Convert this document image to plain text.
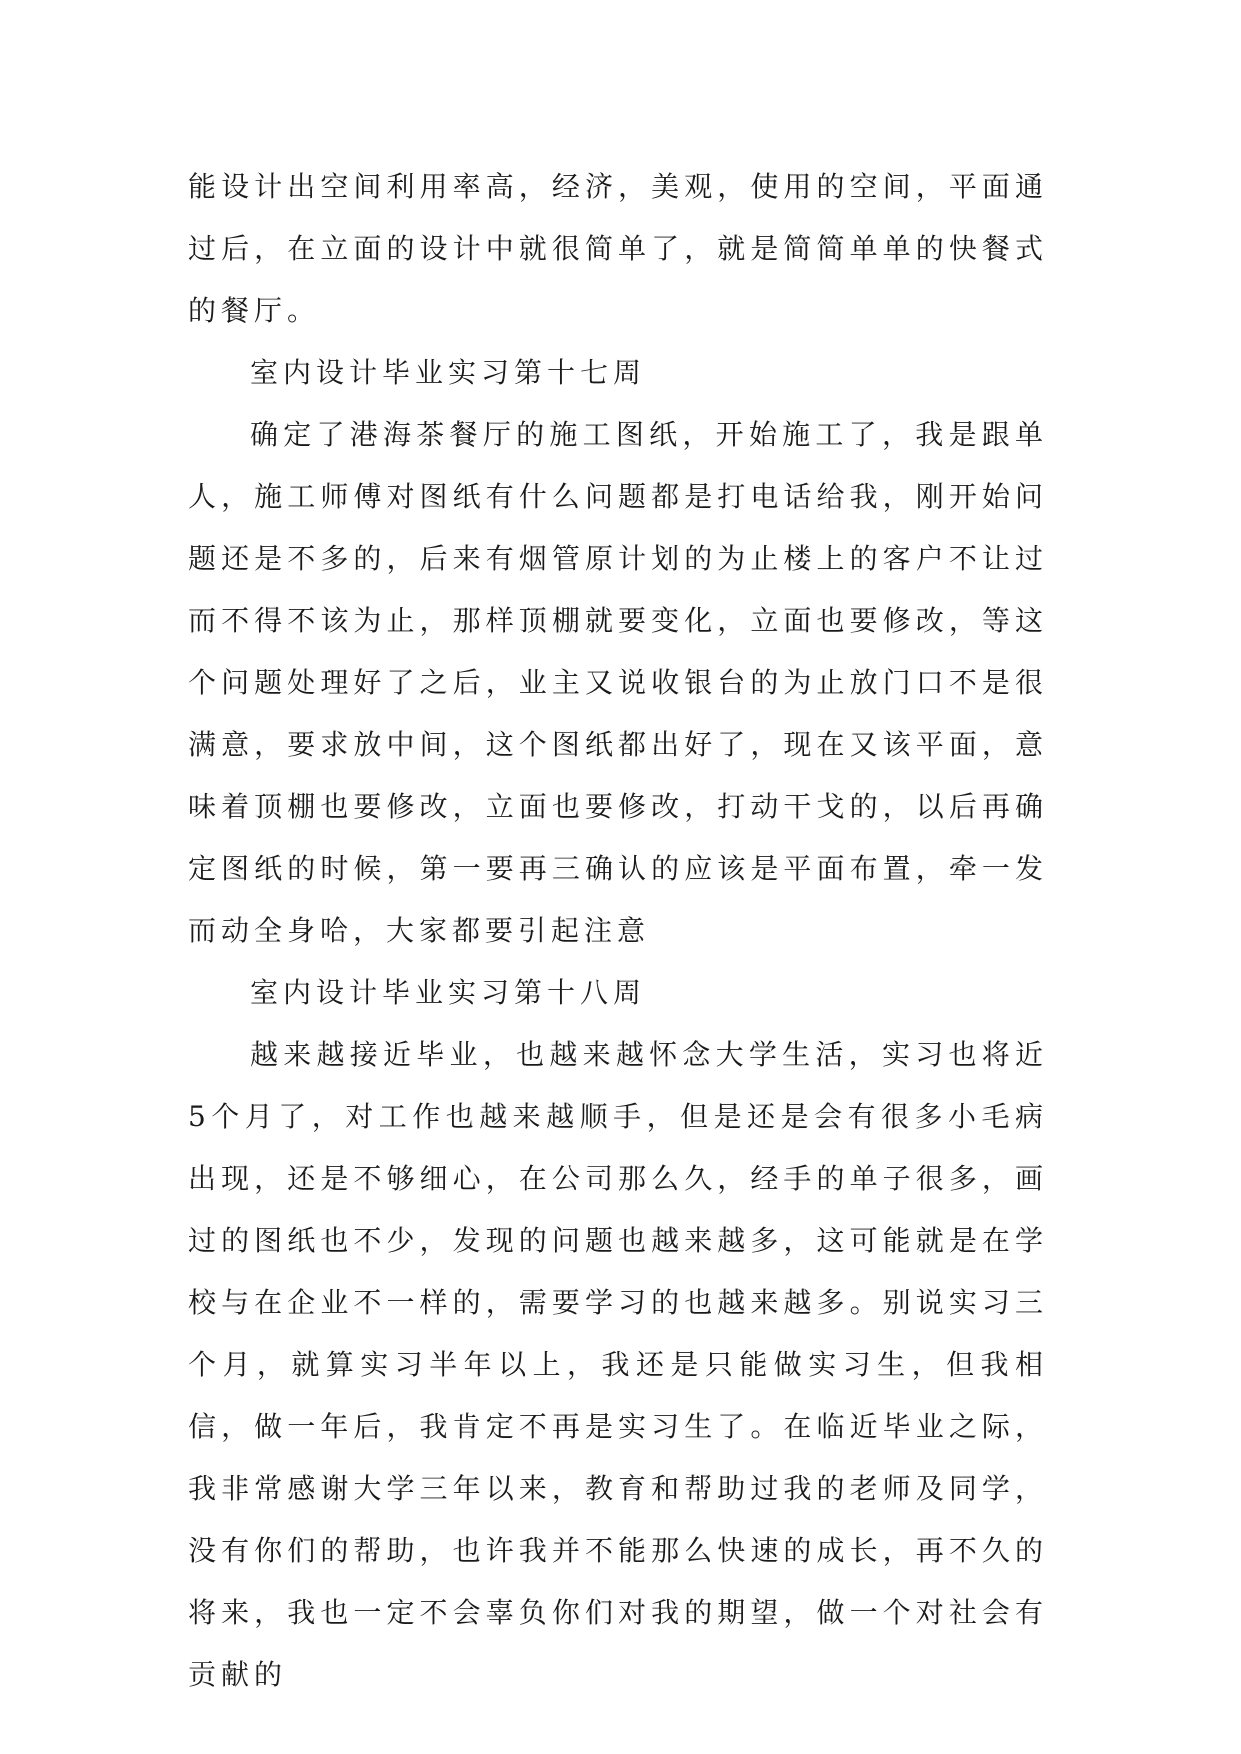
能设计出空间利用率高，经济，美观，使用的空间，平面通过后，在立面的设计中就很简单了，就是简简单单的快餐式的餐厅。

室内设计毕业实习第十七周

确定了港海茶餐厅的施工图纸，开始施工了，我是跟单人，施工师傅对图纸有什么问题都是打电话给我，刚开始问题还是不多的，后来有烟管原计划的为止楼上的客户不让过而不得不该为止，那样顶棚就要变化，立面也要修改，等这个问题处理好了之后，业主又说收银台的为止放门口不是很满意，要求放中间，这个图纸都出好了，现在又该平面，意味着顶棚也要修改，立面也要修改，打动干戈的，以后再确定图纸的时候，第一要再三确认的应该是平面布置，牵一发而动全身哈，大家都要引起注意

室内设计毕业实习第十八周

越来越接近毕业，也越来越怀念大学生活，实习也将近5个月了，对工作也越来越顺手，但是还是会有很多小毛病出现，还是不够细心，在公司那么久，经手的单子很多，画过的图纸也不少，发现的问题也越来越多，这可能就是在学校与在企业不一样的，需要学习的也越来越多。别说实习三个月，就算实习半年以上，我还是只能做实习生，但我相信，做一年后，我肯定不再是实习生了。在临近毕业之际，我非常感谢大学三年以来，教育和帮助过我的老师及同学，没有你们的帮助，也许我并不能那么快速的成长，再不久的将来，我也一定不会辜负你们对我的期望，做一个对社会有贡献的
